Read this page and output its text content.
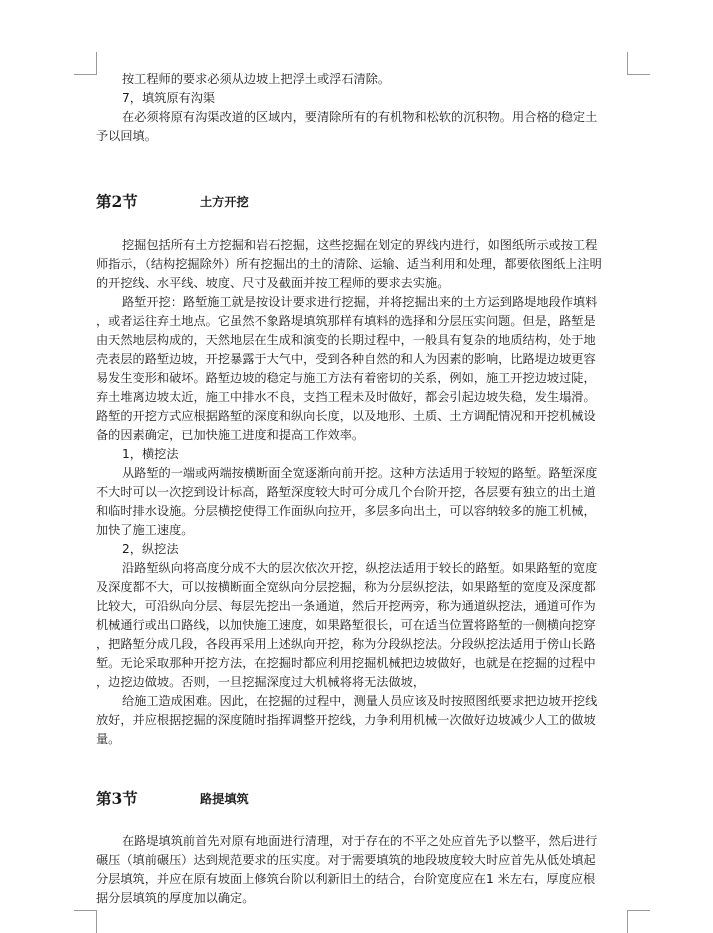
按工程师的要求必须从边坡上把浮土或浮石清除。

7，填筑原有沟渠

在必须将原有沟渠改道的区域内，要清除所有的有机物和松软的沉积物。用合格的稳定土

予以回填。

第2节	土方开挖

挖掘包括所有土方挖掘和岩石挖掘，这些挖掘在划定的界线内进行，如图纸所示或按工程

师指示，（结构挖掘除外）所有挖掘出的土的清除、运输、适当利用和处理，都要依图纸上注明

的开挖线、水平线、坡度、尺寸及截面并按工程师的要求去实施。

路堑开挖：路堑施工就是按设计要求进行挖掘，并将挖掘出来的土方运到路堤地段作填料

，或者运往弃土地点。它虽然不象路堤填筑那样有填料的选择和分层压实问题。但是，路堑是

由天然地层构成的，天然地层在生成和演变的长期过程中，一般具有复杂的地质结构，处于地

壳表层的路堑边坡，开挖暴露于大气中，受到各种自然的和人为因素的影响，比路堤边坡更容

易发生变形和破坏。路堑边坡的稳定与施工方法有着密切的关系，例如，施工开挖边坡过陡，

弃土堆离边坡太近，施工中排水不良，支挡工程未及时做好，都会引起边坡失稳，发生塌滑。

路堑的开挖方式应根据路堑的深度和纵向长度，以及地形、土质、土方调配情况和开挖机械设

备的因素确定，已加快施工进度和提高工作效率。

1，横挖法

从路堑的一端或两端按横断面全宽逐渐向前开挖。这种方法适用于较短的路堑。路堑深度

不大时可以一次挖到设计标高，路堑深度较大时可分成几个台阶开挖，各层要有独立的出土道

和临时排水设施。分层横挖使得工作面纵向拉开，多层多向出土，可以容纳较多的施工机械，

加快了施工速度。

2，纵挖法

沿路堑纵向将高度分成不大的层次依次开挖，纵挖法适用于较长的路堑。如果路堑的宽度

及深度都不大，可以按横断面全宽纵向分层挖掘，称为分层纵挖法，如果路堑的宽度及深度都

比较大，可沿纵向分层、每层先挖出一条通道，然后开挖两旁，称为通道纵挖法，通道可作为

机械通行或出口路线，以加快施工速度，如果路堑很长，可在适当位置将路堑的一侧横向挖穿

，把路堑分成几段，各段再采用上述纵向开挖，称为分段纵挖法。分段纵挖法适用于傍山长路

堑。无论采取那种开挖方法，在挖掘时都应利用挖掘机械把边坡做好，也就是在挖掘的过程中

，边挖边做坡。否则，一旦挖掘深度过大机械将将无法做坡，

给施工造成困难。因此，在挖掘的过程中，测量人员应该及时按照图纸要求把边坡开挖线

放好，并应根据挖掘的深度随时指挥调整开挖线，力争利用机械一次做好边坡减少人工的做坡

量。

第3节	路提填筑

在路堤填筑前首先对原有地面进行清理，对于存在的不平之处应首先予以整平，然后进行

碾压（填前碾压）达到规范要求的压实度。对于需要填筑的地段坡度较大时应首先从低处填起

分层填筑，并应在原有坡面上修筑台阶以利新旧土的结合，台阶宽度应在1 米左右，厚度应根

据分层填筑的厚度加以确定。
